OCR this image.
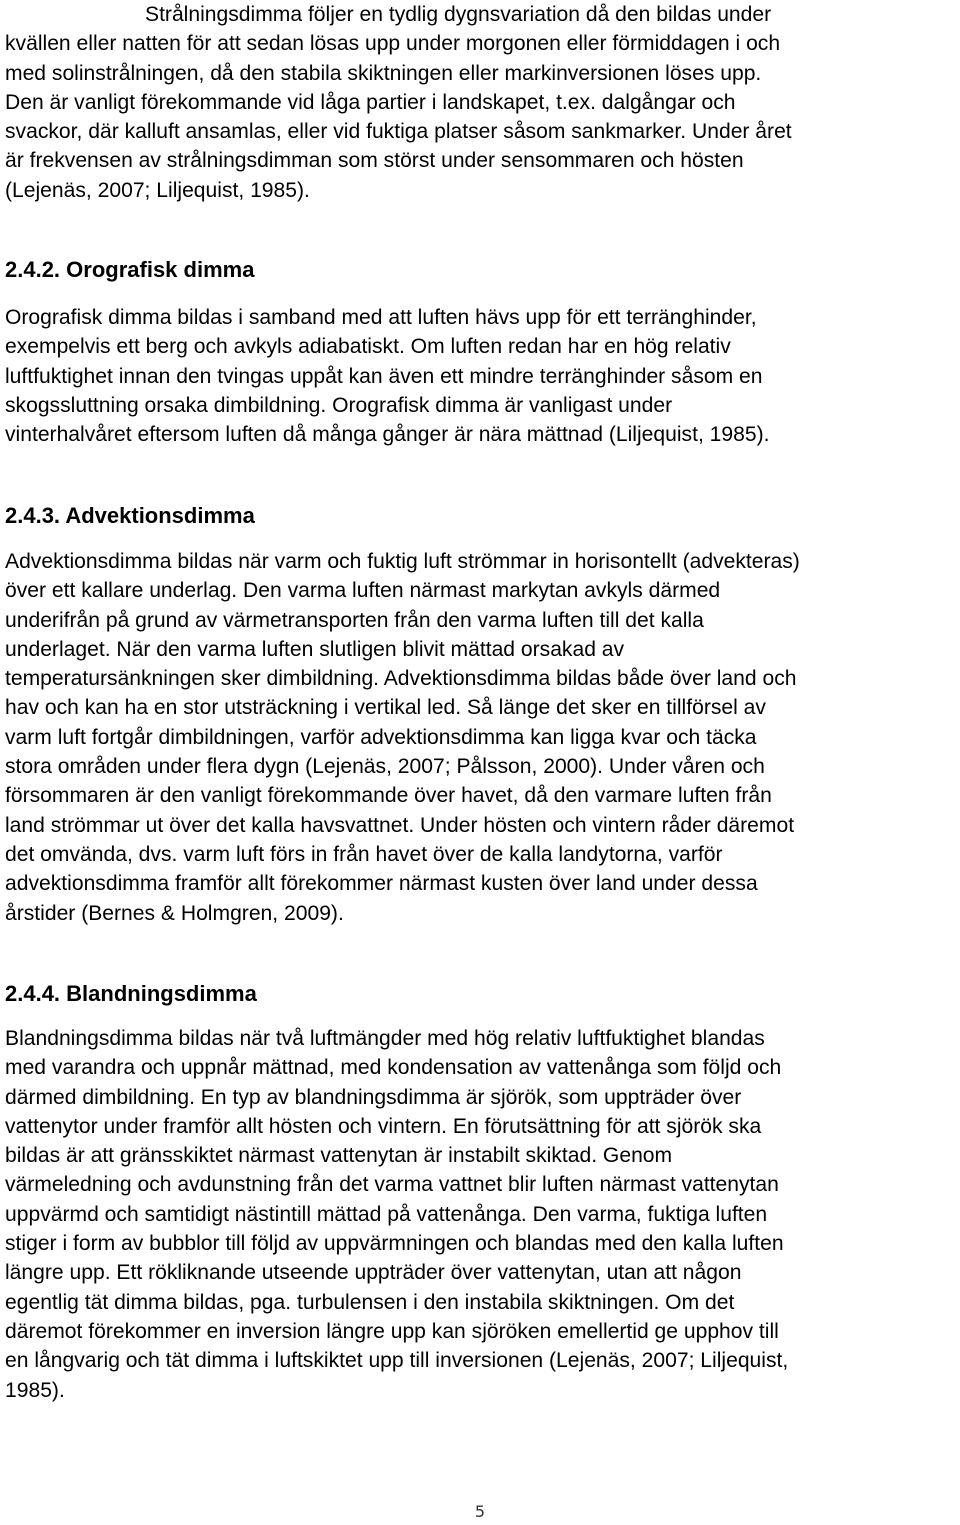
Strålningsdimma följer en tydlig dygnsvariation då den bildas under
kvällen eller natten för att sedan lösas upp under morgonen eller förmiddagen i och
med solinstrålningen, då den stabila skiktningen eller markinversionen löses upp.
Den är vanligt förekommande vid låga partier i landskapet, t.ex. dalgångar och
svackor, där kalluft ansamlas, eller vid fuktiga platser såsom sankmarker. Under året
är frekvensen av strålningsdimman som störst under sensommaren och hösten
(Lejenäs, 2007; Liljequist, 1985).
2.4.2. Orografisk dimma
Orografisk dimma bildas i samband med att luften hävs upp för ett terränghinder,
exempelvis ett berg och avkyls adiabatiskt. Om luften redan har en hög relativ
luftfuktighet innan den tvingas uppåt kan även ett mindre terränghinder såsom en
skogssluttning orsaka dimbildning. Orografisk dimma är vanligast under
vinterhalvåret eftersom luften då många gånger är nära mättnad (Liljequist, 1985).
2.4.3. Advektionsdimma
Advektionsdimma bildas när varm och fuktig luft strömmar in horisontellt (advekteras)
över ett kallare underlag. Den varma luften närmast markytan avkyls därmed
underifrån på grund av värmetransporten från den varma luften till det kalla
underlaget. När den varma luften slutligen blivit mättad orsakad av
temperatursänkningen sker dimbildning. Advektionsdimma bildas både över land och
hav och kan ha en stor utsträckning i vertikal led. Så länge det sker en tillförsel av
varm luft fortgår dimbildningen, varför advektionsdimma kan ligga kvar och täcka
stora områden under flera dygn (Lejenäs, 2007; Pålsson, 2000). Under våren och
försommaren är den vanligt förekommande över havet, då den varmare luften från
land strömmar ut över det kalla havsvattnet. Under hösten och vintern råder däremot
det omvända, dvs. varm luft förs in från havet över de kalla landytorna, varför
advektionsdimma framför allt förekommer närmast kusten över land under dessa
årstider (Bernes & Holmgren, 2009).
2.4.4. Blandningsdimma
Blandningsdimma bildas när två luftmängder med hög relativ luftfuktighet blandas
med varandra och uppnår mättnad, med kondensation av vattenånga som följd och
därmed dimbildning. En typ av blandningsdimma är sjörök, som uppträder över
vattenytor under framför allt hösten och vintern. En förutsättning för att sjörök ska
bildas är att gränsskiktet närmast vattenytan är instabilt skiktad. Genom
värmeledning och avdunstning från det varma vattnet blir luften närmast vattenytan
uppvärmd och samtidigt nästintill mättad på vattenånga. Den varma, fuktiga luften
stiger i form av bubblor till följd av uppvärmningen och blandas med den kalla luften
längre upp. Ett rökliknande utseende uppträder över vattenytan, utan att någon
egentlig tät dimma bildas, pga. turbulensen i den instabila skiktningen. Om det
däremot förekommer en inversion längre upp kan sjöröken emellertid ge upphov till
en långvarig och tät dimma i luftskiktet upp till inversionen (Lejenäs, 2007; Liljequist,
1985).
5
